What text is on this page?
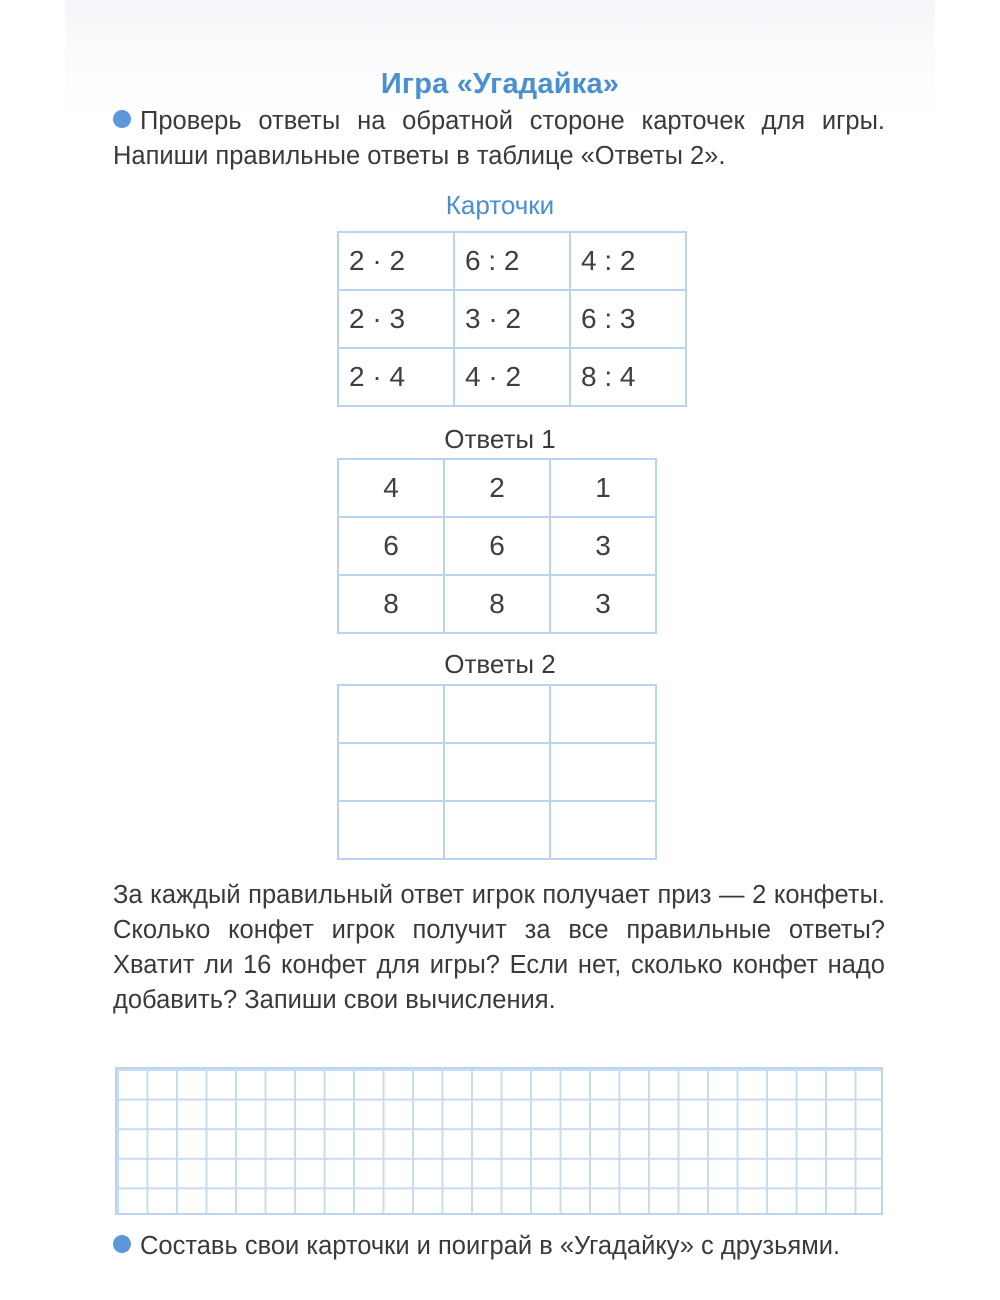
Игра «Угадайка»
Проверь ответы на обратной стороне карточек для игры. Напиши правильные ответы в таблице «Ответы 2».
Карточки
2 · 2	6 : 2	4 : 2
2 · 3	3 · 2	6 : 3
2 · 4	4 · 2	8 : 4
Ответы 1
4	2	1
6	6	3
8	8	3
Ответы 2

За каждый правильный ответ игрок получает приз — 2 конфеты. Сколько конфет игрок получит за все правильные ответы? Хватит ли 16 конфет для игры? Если нет, сколько конфет надо добавить? Запиши свои вычисления.
Составь свои карточки и поиграй в «Угадайку» с друзьями.
